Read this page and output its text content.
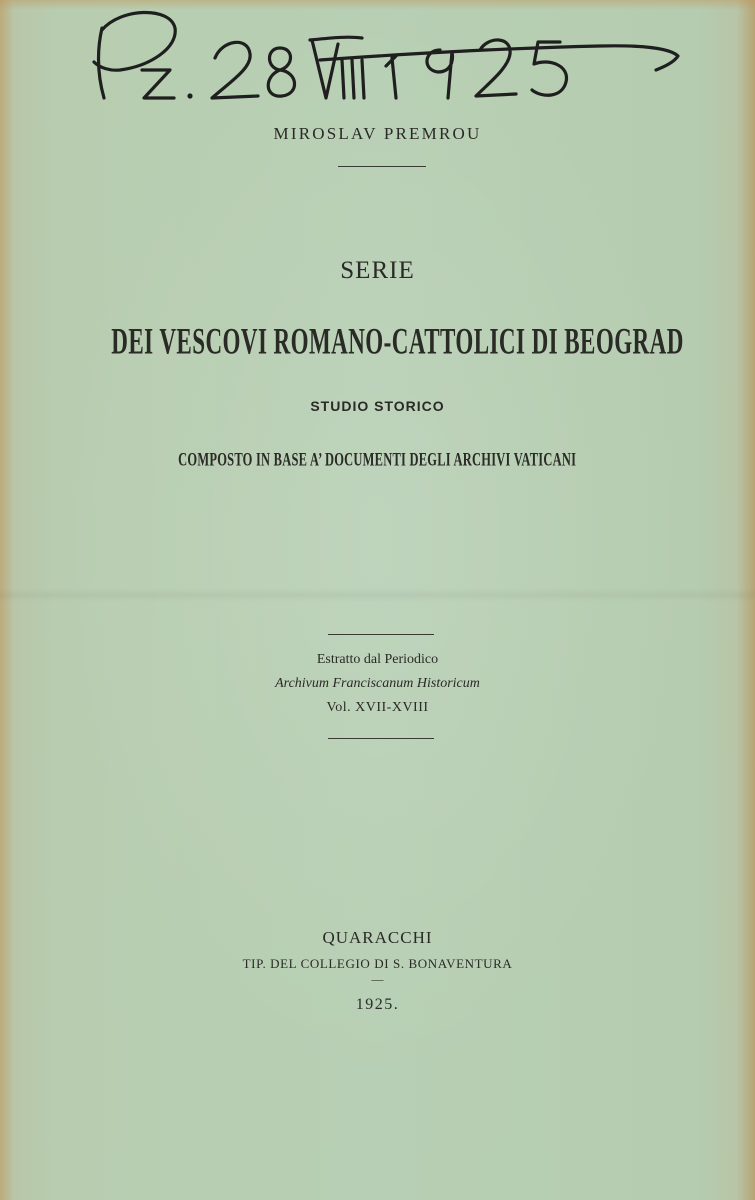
MIROSLAV PREMROU
SERIE
DEI VESCOVI ROMANO-CATTOLICI DI BEOGRAD
STUDIO STORICO
COMPOSTO IN BASE A’ DOCUMENTI DEGLI ARCHIVI VATICANI
Estratto dal Periodico
Archivum Franciscanum Historicum
Vol. XVII-XVIII
QUARACCHI
TIP. DEL COLLEGIO DI S. BONAVENTURA
—
1925.
